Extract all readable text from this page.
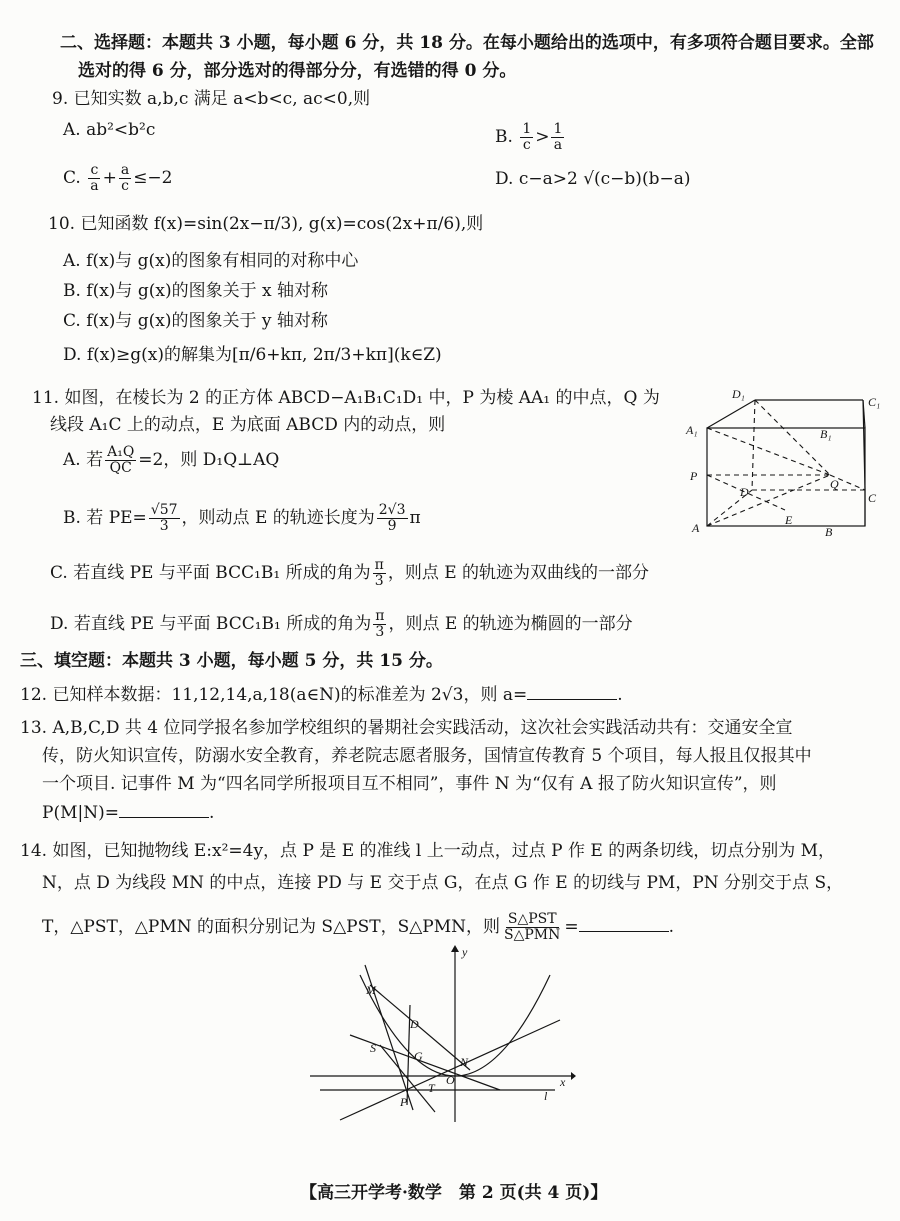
二、选择题：本题共 3 小题，每小题 6 分，共 18 分。在每小题给出的选项中，有多项符合题目要求。全部
选对的得 6 分，部分选对的得部分分，有选错的得 0 分。
9. 已知实数 a,b,c 满足 a<b<c, ac<0,则
A. ab²<b²c	B. $\frac{1}{c} > \frac{1}{a}$
C. $\frac{c}{a} + \frac{a}{c} \le-2$	D. c−a>2 √(c−b)(b−a)
10. 已知函数 f(x)=sin(2x−π/3), g(x)=cos(2x+π/6),则
A. f(x)与 g(x)的图象有相同的对称中心
B. f(x)与 g(x)的图象关于 x 轴对称
C. f(x)与 g(x)的图象关于 y 轴对称
D. f(x)≥g(x)的解集为[π/6+kπ, 2π/3+kπ](k∈Z)
11. 如图，在棱长为 2 的正方体 ABCD−A₁B₁C₁D₁ 中，P 为棱 AA₁ 的中点，Q 为
线段 A₁C 上的动点，E 为底面 ABCD 内的动点，则
A. 若 $\frac{\text{A₁Q}}{QC} =2$，则 D₁Q⊥AQ
B. 若 $PE= \frac{√57}{3}$ ，则动点 E 的轨迹长度为 $\frac{2√3}{9}$ π
C. 若直线 PE 与平面 BCC₁B₁ 所成的角为 $\frac{\pi}{3}$ ，则点 E 的轨迹为双曲线的一部分
D. 若直线 PE 与平面 BCC₁B₁ 所成的角为 $\frac{\pi}{3}$ ，则点 E 的轨迹为椭圆的一部分
D₁
C₁
A₁	B₁
P
Q
D	C
A
E
B
三、填空题：本题共 3 小题，每小题 5 分，共 15 分。
12. 已知样本数据：11,12,14,a,18(a∈N)的标准差为 2√3，则 a=	.
13. A,B,C,D 共 4 位同学报名参加学校组织的暑期社会实践活动，这次社会实践活动共有：交通安全宣
传，防火知识宣传，防溺水安全教育，养老院志愿者服务，国情宣传教育 5 个项目，每人报且仅报其中
一个项目. 记事件 M 为“四名同学所报项目互不相同”，事件 N 为“仅有 A 报了防火知识宣传”，则
P(M|N)=	.
14. 如图，已知抛物线 E:x²=4y，点 P 是 E 的准线 l 上一动点，过点 P 作 E 的两条切线，切点分别为 M，
N，点 D 为线段 MN 的中点，连接 PD 与 E 交于点 G，在点 G 作 E 的切线与 PM，PN 分别交于点 S，
T，△PST，△PMN 的面积分别记为 S△PST，S△PMN，则 $\frac{\text{S△PST}}{\text{S△PMN}}$ =	.
y
x
M
D
S
G	N
O
T
P	l
【高三开学考·数学　第 2 页(共 4 页)】
